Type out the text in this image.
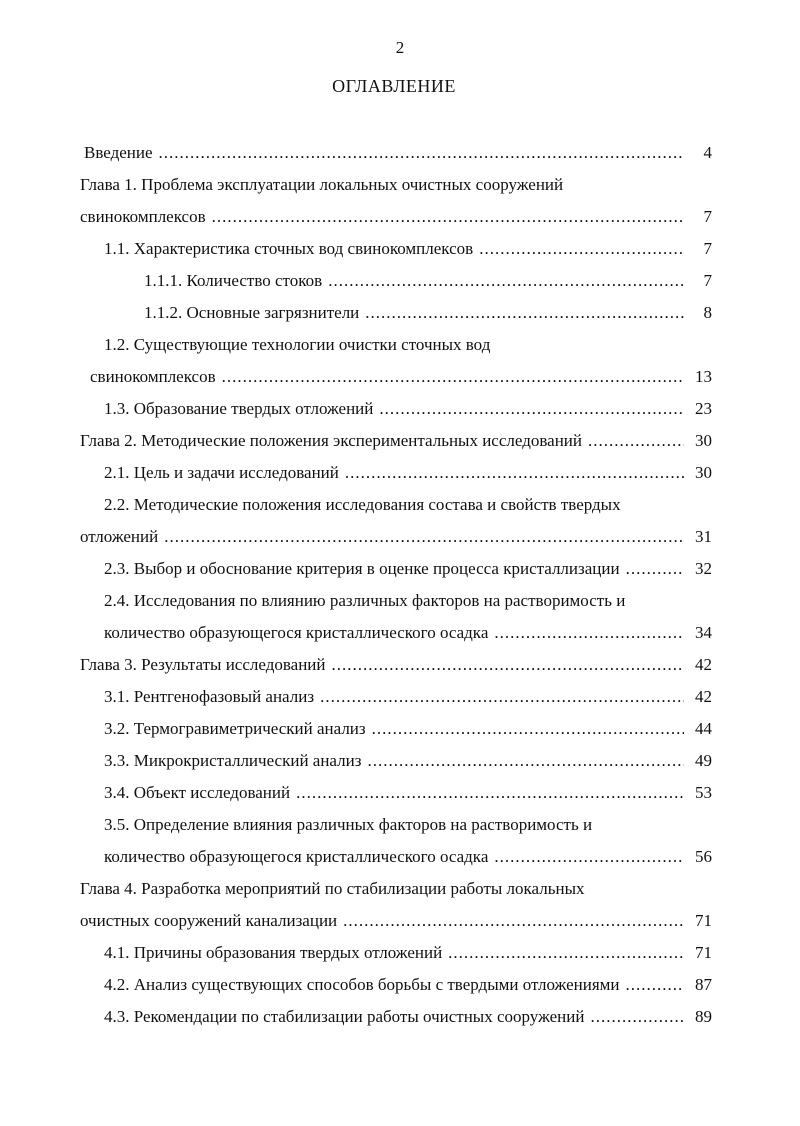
2
ОГЛАВЛЕНИЕ
Введение .....	4
Глава 1. Проблема эксплуатации локальных очистных сооружений
свинокомплексов .....	7
1.1. Характеристика сточных вод свинокомплексов .....	7
1.1.1. Количество стоков .....	7
1.1.2. Основные загрязнители .....	8
1.2. Существующие технологии очистки сточных вод
свинокомплексов .....	13
1.3. Образование твердых отложений .....	23
Глава 2. Методические положения экспериментальных исследований .....	30
2.1. Цель и задачи исследований .....	30
2.2. Методические положения исследования состава и свойств твердых
отложений .....	31
2.3. Выбор и обоснование критерия в оценке процесса кристаллизации .....	32
2.4. Исследования по влиянию различных факторов на растворимость и
количество образующегося кристаллического осадка .....	34
Глава 3. Результаты исследований .....	42
3.1. Рентгенофазовый анализ .....	42
3.2. Термогравиметрический анализ .....	44
3.3. Микрокристаллический анализ .....	49
3.4. Объект исследований .....	53
3.5. Определение влияния различных факторов на растворимость и
количество образующегося кристаллического осадка .....	56
Глава 4. Разработка мероприятий по стабилизации работы локальных
очистных сооружений канализации .....	71
4.1. Причины образования твердых отложений .....	71
4.2. Анализ существующих способов борьбы с твердыми отложениями .....	87
4.3. Рекомендации по стабилизации работы очистных сооружений .....	89
